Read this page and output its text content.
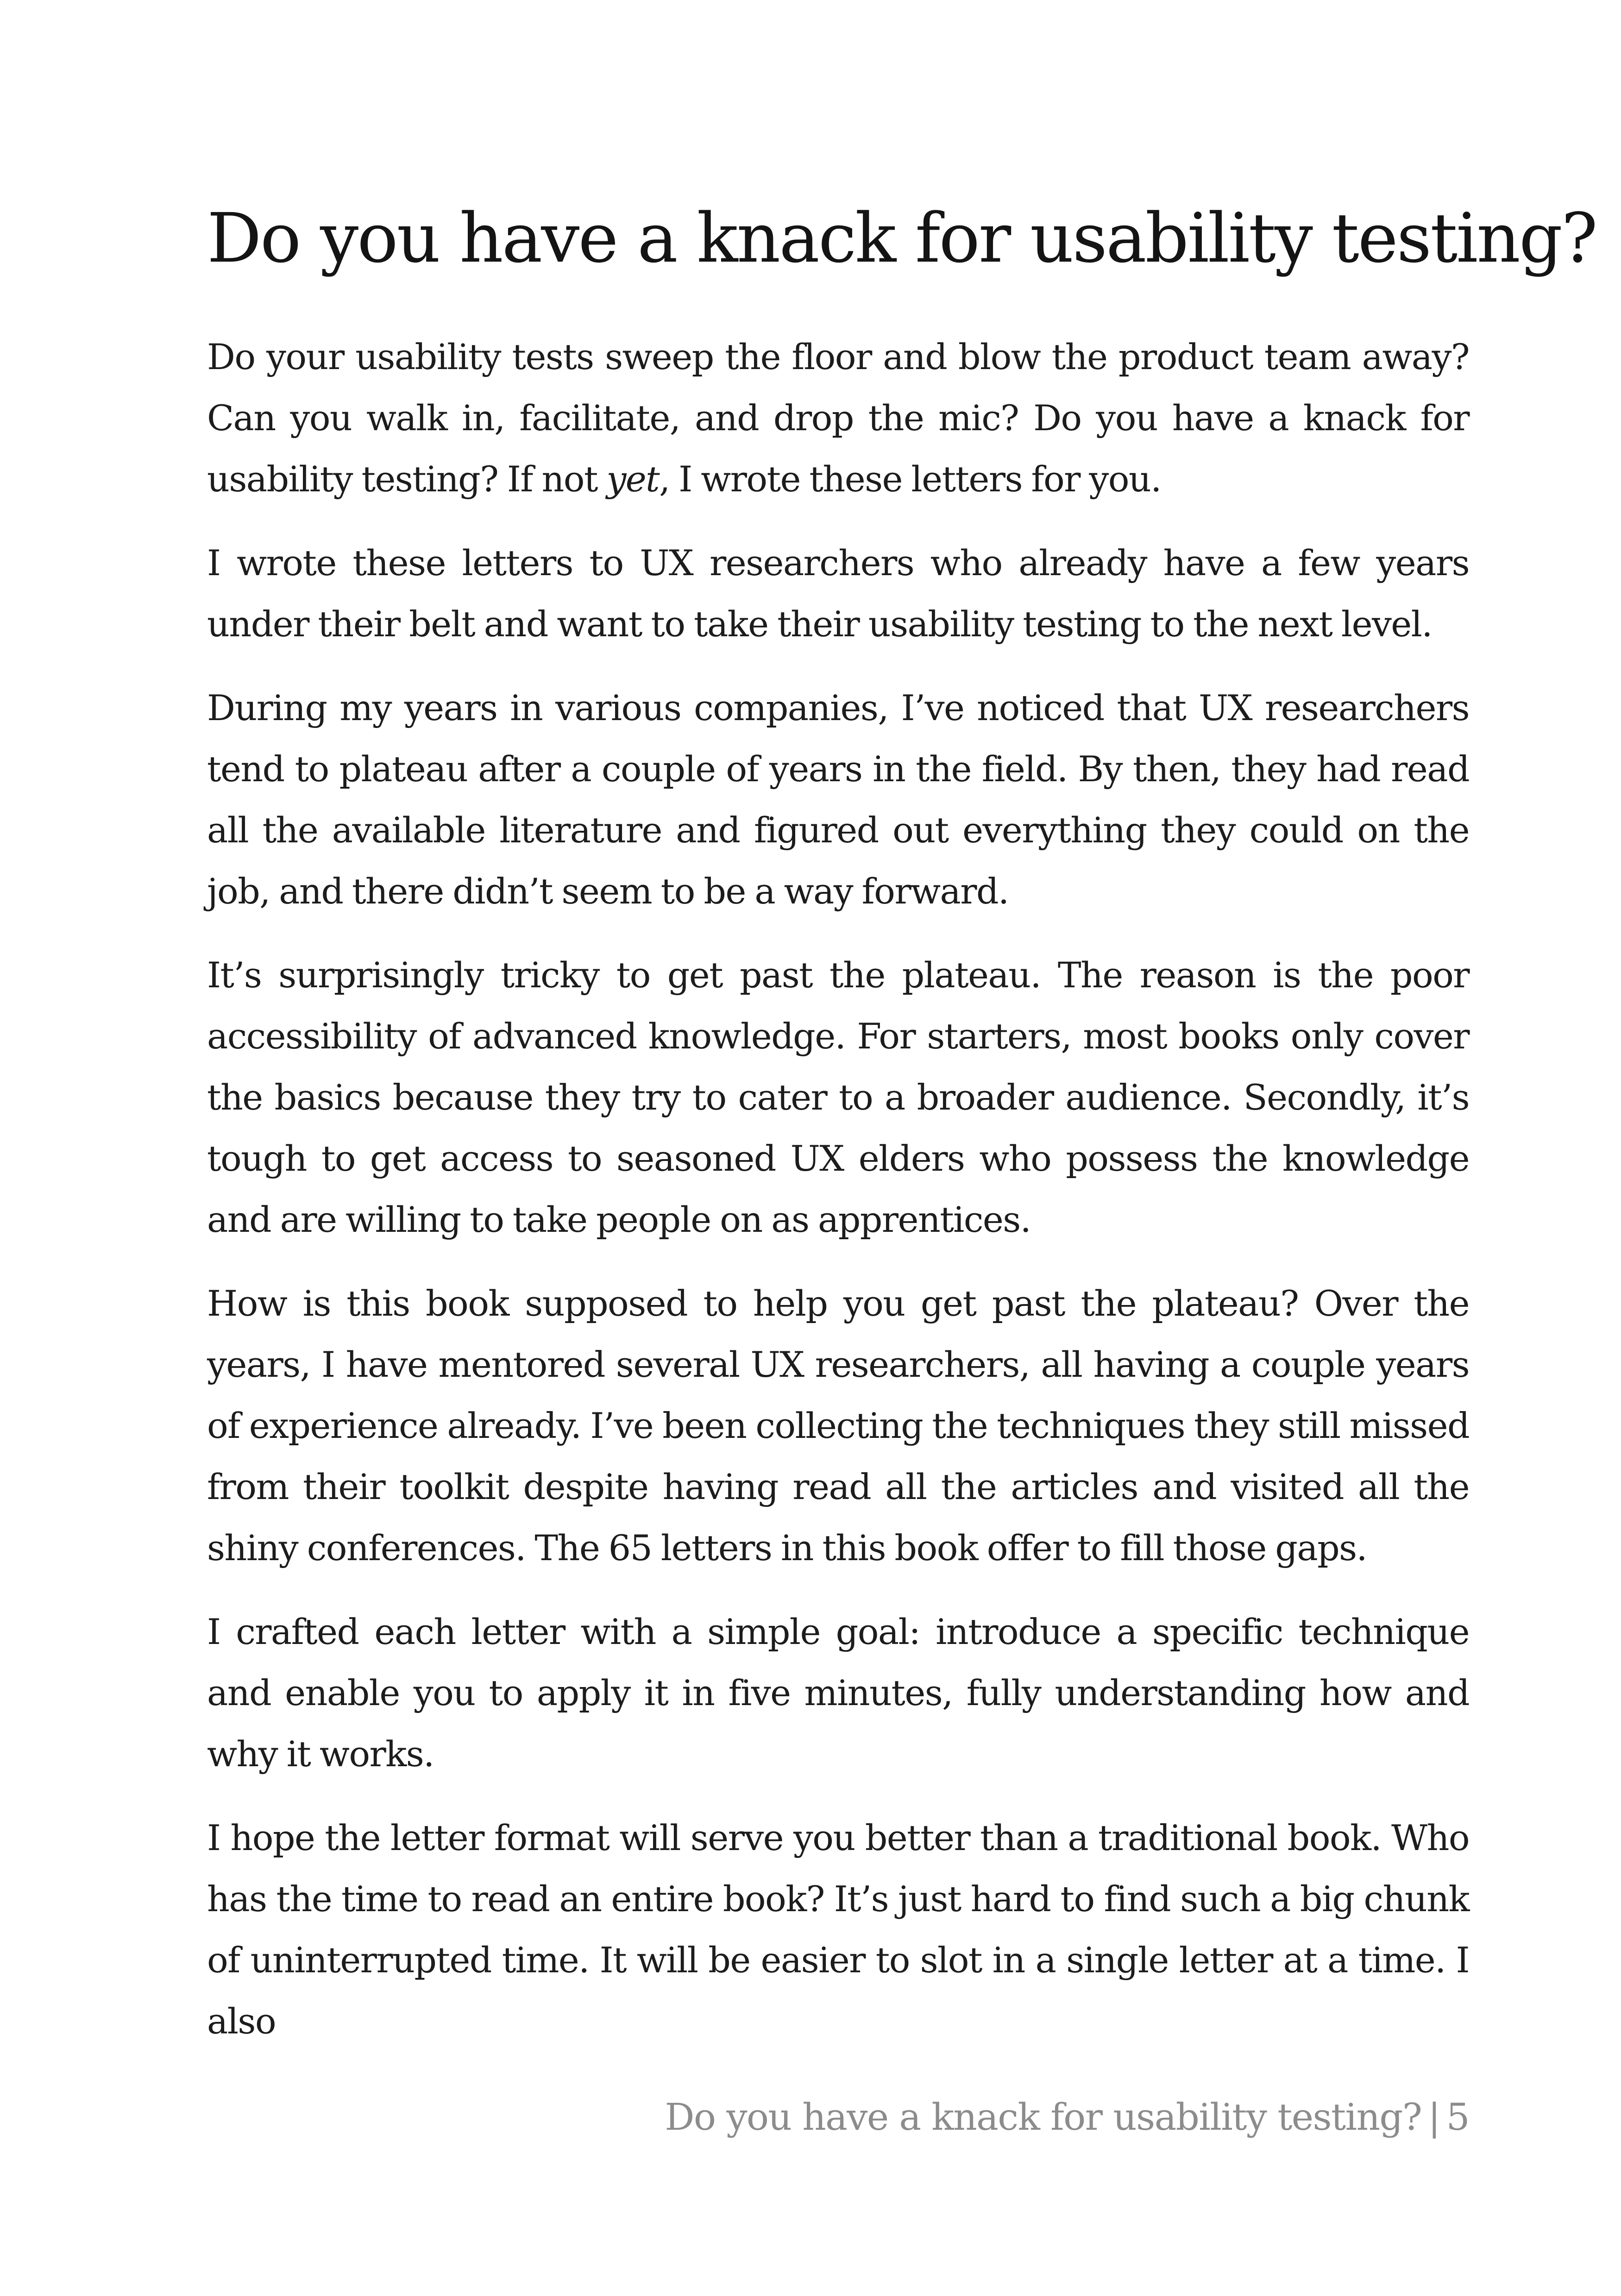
Do you have a knack for usability testing?

Do your usability tests sweep the floor and blow the product team away? Can you walk in, facilitate, and drop the mic? Do you have a knack for usability testing? If not yet, I wrote these letters for you.

I wrote these letters to UX researchers who already have a few years under their belt and want to take their usability testing to the next level.

During my years in various companies, I’ve noticed that UX researchers tend to plateau after a couple of years in the field. By then, they had read all the available literature and figured out everything they could on the job, and there didn’t seem to be a way forward.

It’s surprisingly tricky to get past the plateau. The reason is the poor accessibility of advanced knowledge. For starters, most books only cover the basics because they try to cater to a broader audience. Secondly, it’s tough to get access to seasoned UX elders who possess the knowledge and are willing to take people on as apprentices.

How is this book supposed to help you get past the plateau? Over the years, I have mentored several UX researchers, all having a couple years of experience already. I’ve been collecting the techniques they still missed from their toolkit despite having read all the articles and visited all the shiny conferences. The 65 letters in this book offer to fill those gaps.

I crafted each letter with a simple goal: introduce a specific technique and enable you to apply it in five minutes, fully understanding how and why it works.

I hope the letter format will serve you better than a traditional book. Who has the time to read an entire book? It’s just hard to find such a big chunk of uninterrupted time. It will be easier to slot in a single letter at a time. I also

Do you have a knack for usability testing? | 5
